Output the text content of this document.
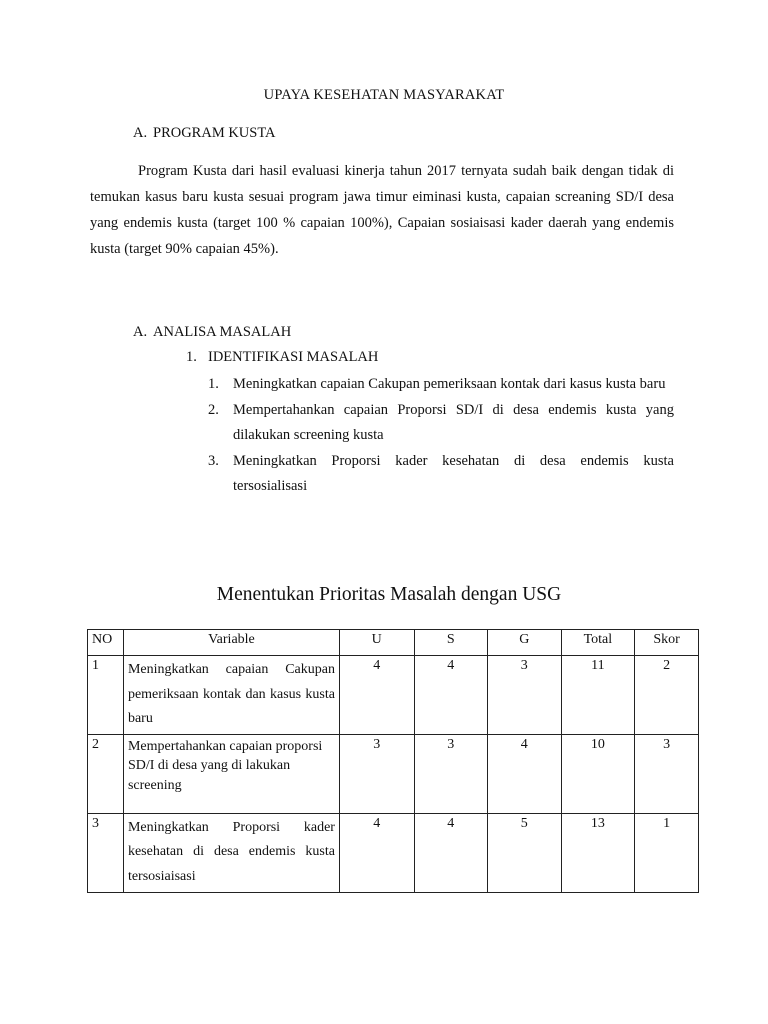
UPAYA KESEHATAN MASYARAKAT
A. PROGRAM KUSTA

Program Kusta dari hasil evaluasi kinerja tahun 2017 ternyata sudah baik dengan tidak di temukan kasus baru kusta sesuai program jawa timur eiminasi kusta, capaian screaning SD/I desa yang endemis kusta (target 100 % capaian 100%), Capaian sosiaisasi kader daerah yang endemis kusta (target 90% capaian 45%).

A. ANALISA MASALAH
1. IDENTIFIKASI MASALAH
1. Meningkatkan capaian Cakupan pemeriksaan kontak dari kasus kusta baru
2. Mempertahankan capaian Proporsi SD/I di desa endemis kusta yang dilakukan screening kusta
3. Meningkatkan Proporsi kader kesehatan di desa endemis kusta tersosialisasi
Menentukan Prioritas Masalah dengan USG
NO	Variable	U	S	G	Total	Skor
1	Meningkatkan capaian Cakupan pemeriksaan kontak dan kasus kusta baru	4	4	3	11	2
2	Mempertahankan capaian proporsi SD/I di desa yang di lakukan screening	3	3	4	10	3
3	Meningkatkan Proporsi kader kesehatan di desa endemis kusta tersosiaisasi	4	4	5	13	1
